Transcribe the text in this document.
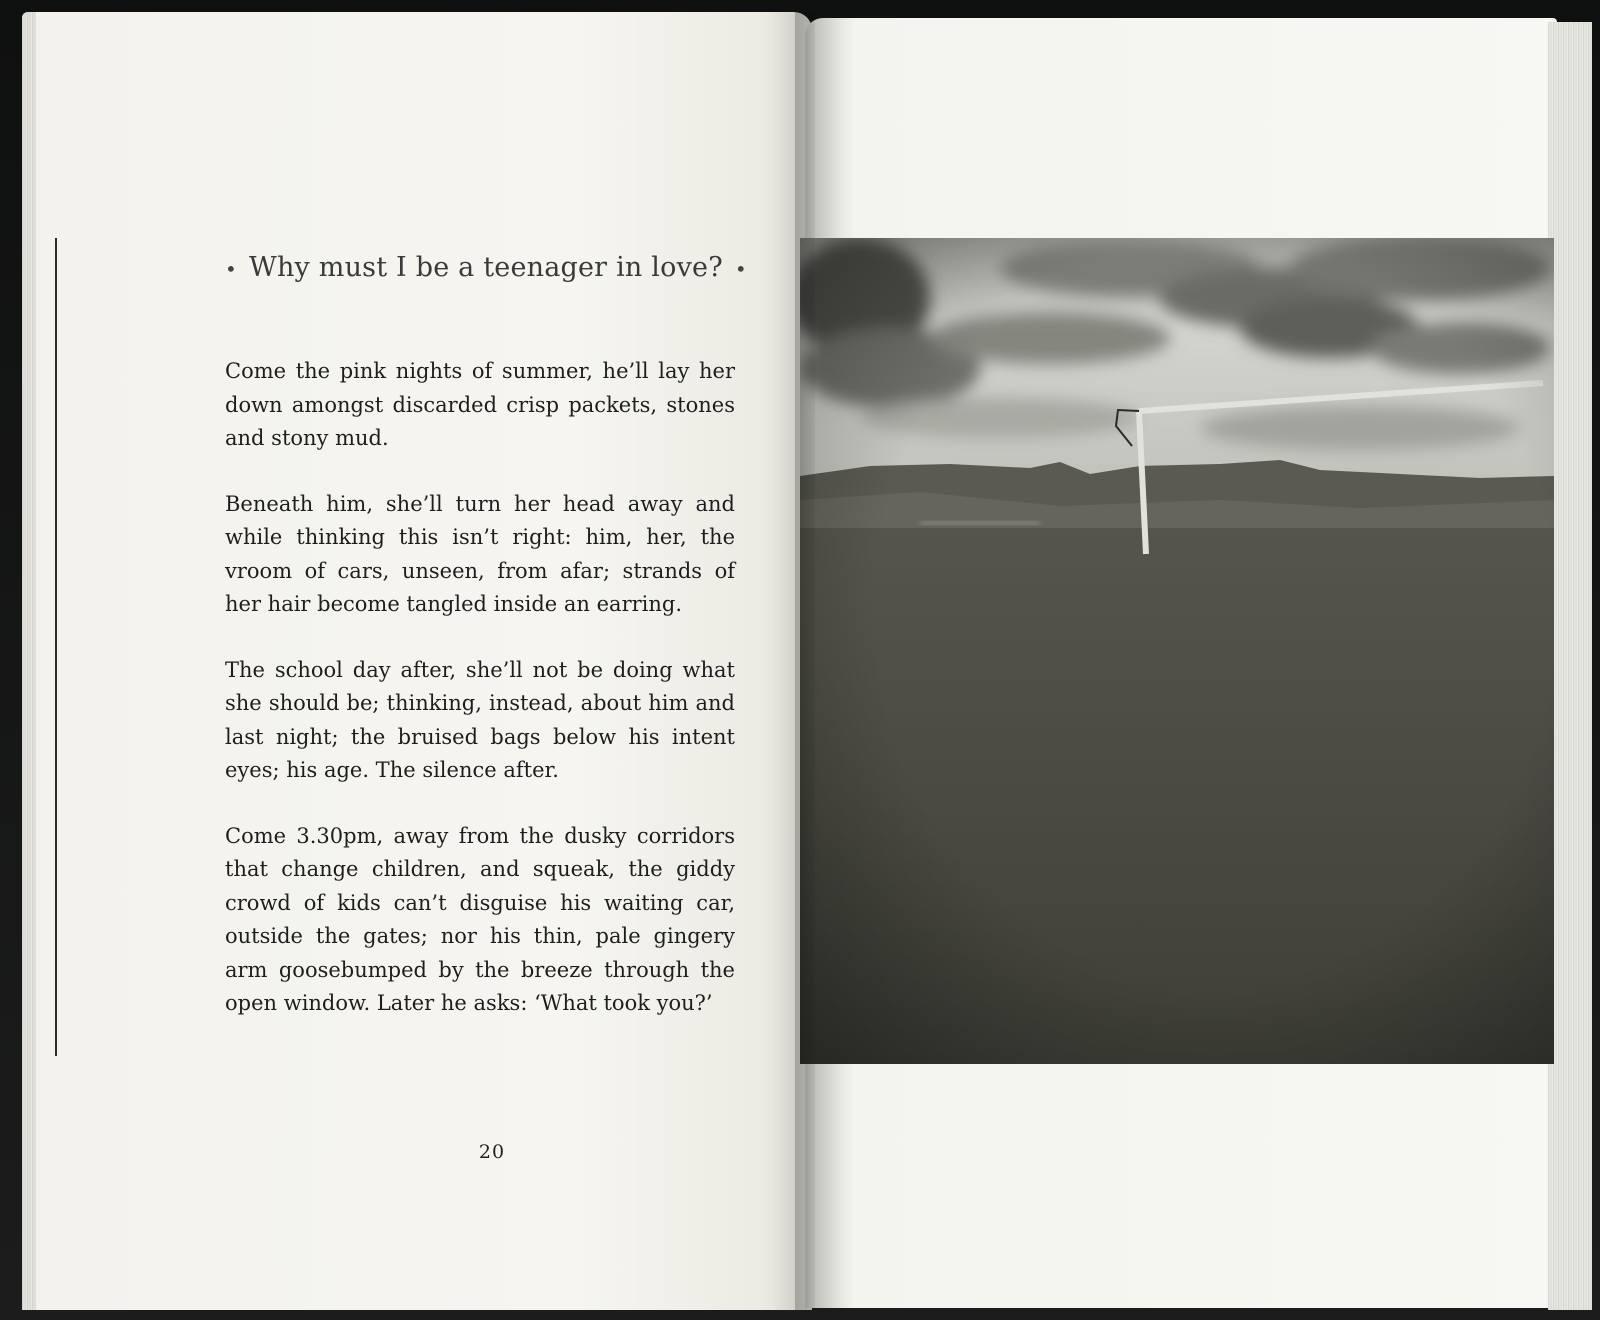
• Why must I be a teenager in love? •

Come the pink nights of summer, he’ll lay her down amongst discarded crisp packets, stones and stony mud.

Beneath him, she’ll turn her head away and while thinking this isn’t right: him, her, the vroom of cars, unseen, from afar; strands of her hair become tangled inside an earring.

The school day after, she’ll not be doing what she should be; thinking, instead, about him and last night; the bruised bags below his intent eyes; his age. The silence after.

Come 3.30pm, away from the dusky corridors that change children, and squeak, the giddy crowd of kids can’t disguise his waiting car, outside the gates; nor his thin, pale gingery arm goosebumped by the breeze through the open window. Later he asks: ‘What took you?’

20
